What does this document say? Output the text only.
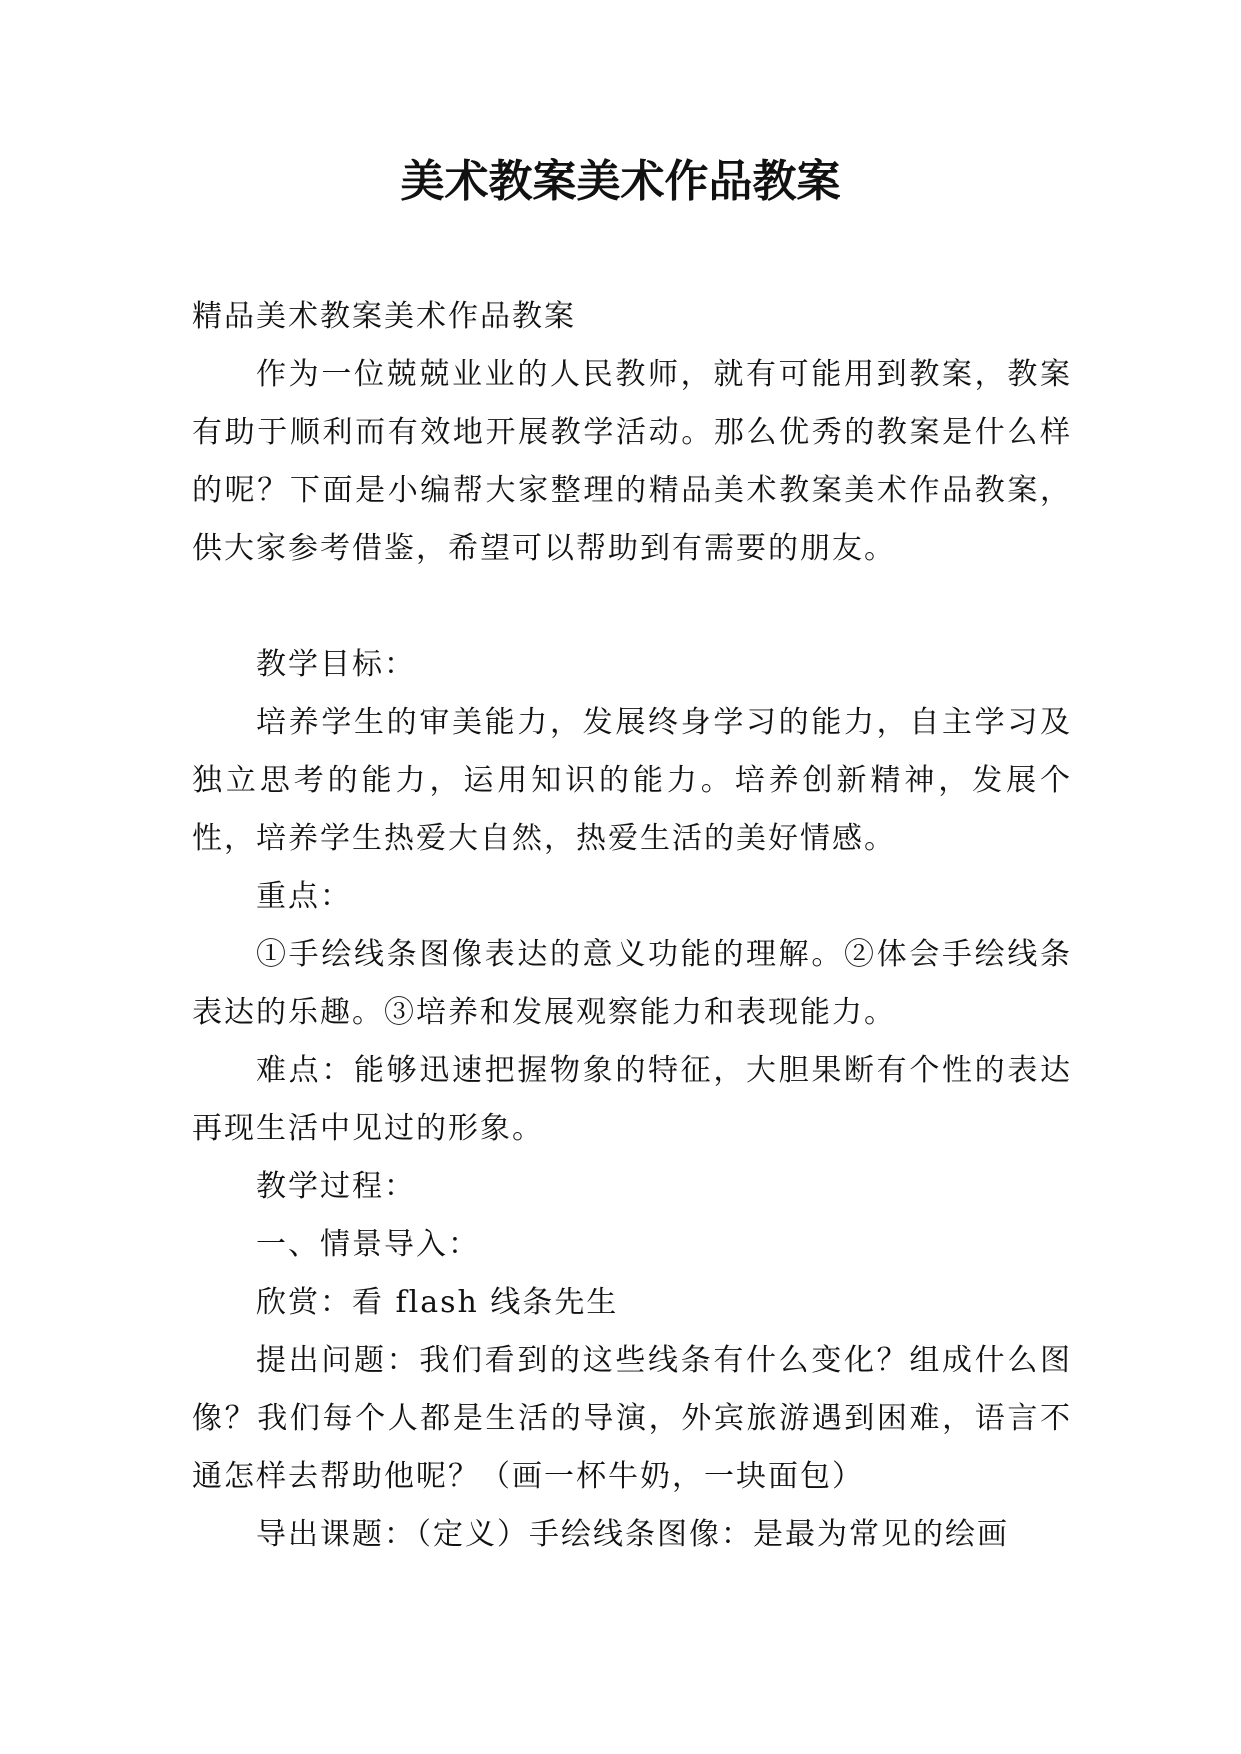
美术教案美术作品教案

精品美术教案美术作品教案

作为一位兢兢业业的人民教师，就有可能用到教案，教案有助于顺利而有效地开展教学活动。那么优秀的教案是什么样的呢？下面是小编帮大家整理的精品美术教案美术作品教案，供大家参考借鉴，希望可以帮助到有需要的朋友。

教学目标：

培养学生的审美能力，发展终身学习的能力，自主学习及独立思考的能力，运用知识的能力。培养创新精神，发展个性，培养学生热爱大自然，热爱生活的美好情感。

重点：

①手绘线条图像表达的意义功能的理解。②体会手绘线条表达的乐趣。③培养和发展观察能力和表现能力。

难点：能够迅速把握物象的特征，大胆果断有个性的表达再现生活中见过的形象。

教学过程：

一、情景导入：

欣赏：看 flash 线条先生

提出问题：我们看到的这些线条有什么变化？组成什么图像？我们每个人都是生活的导演，外宾旅游遇到困难，语言不通怎样去帮助他呢？（画一杯牛奶，一块面包）

导出课题：（定义）手绘线条图像：是最为常见的绘画
